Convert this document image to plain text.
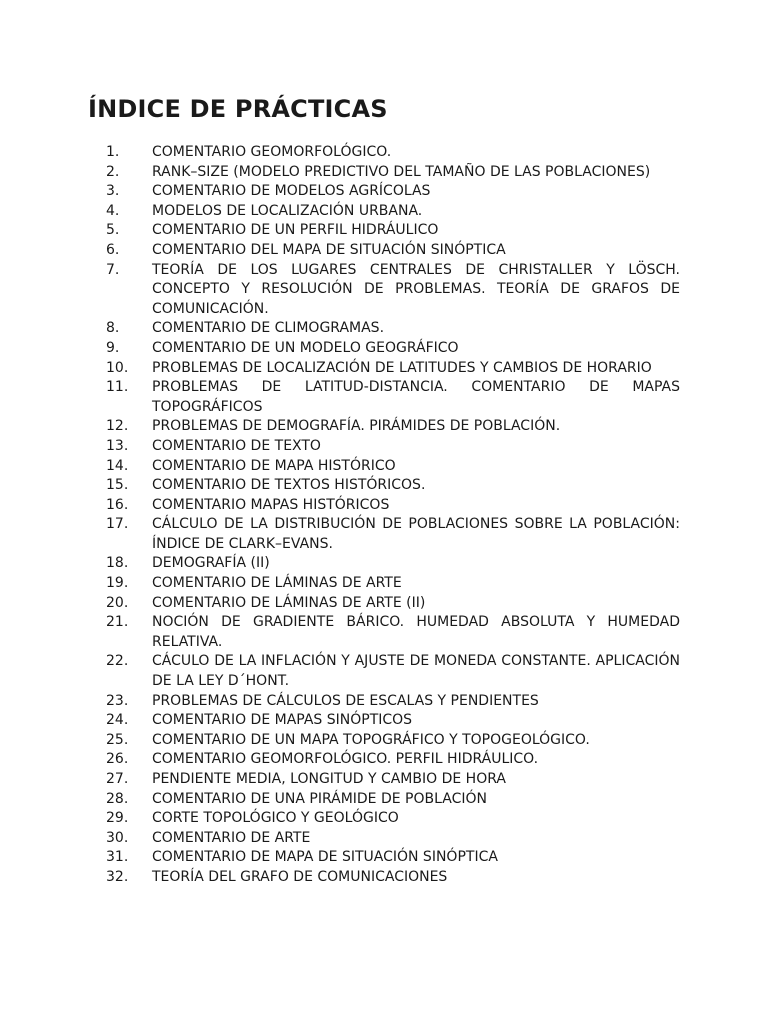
ÍNDICE DE PRÁCTICAS
1.	COMENTARIO GEOMORFOLÓGICO.
2.	RANK–SIZE (MODELO PREDICTIVO DEL TAMAÑO DE LAS POBLACIONES)
3.	COMENTARIO DE MODELOS AGRÍCOLAS
4.	MODELOS DE LOCALIZACIÓN URBANA.
5.	COMENTARIO DE UN PERFIL HIDRÁULICO
6.	COMENTARIO DEL MAPA DE SITUACIÓN SINÓPTICA
7.	TEORÍA DE LOS LUGARES CENTRALES DE CHRISTALLER Y LÖSCH. CONCEPTO Y RESOLUCIÓN DE PROBLEMAS. TEORÍA DE GRAFOS DE COMUNICACIÓN.
8.	COMENTARIO DE CLIMOGRAMAS.
9.	COMENTARIO DE UN MODELO GEOGRÁFICO
10.	PROBLEMAS DE LOCALIZACIÓN DE LATITUDES Y CAMBIOS DE HORARIO
11.	PROBLEMAS DE LATITUD-DISTANCIA. COMENTARIO DE MAPAS TOPOGRÁFICOS
12.	PROBLEMAS DE DEMOGRAFÍA. PIRÁMIDES DE POBLACIÓN.
13.	COMENTARIO DE TEXTO
14.	COMENTARIO DE MAPA HISTÓRICO
15.	COMENTARIO DE TEXTOS HISTÓRICOS.
16.	COMENTARIO MAPAS HISTÓRICOS
17.	CÁLCULO DE LA DISTRIBUCIÓN DE POBLACIONES SOBRE LA POBLACIÓN: ÍNDICE DE CLARK–EVANS.
18.	DEMOGRAFÍA (II)
19.	COMENTARIO DE LÁMINAS DE ARTE
20.	COMENTARIO DE LÁMINAS DE ARTE (II)
21.	NOCIÓN DE GRADIENTE BÁRICO. HUMEDAD ABSOLUTA Y HUMEDAD RELATIVA.
22.	CÁCULO DE LA INFLACIÓN Y AJUSTE DE MONEDA CONSTANTE. APLICACIÓN DE LA LEY D´HONT.
23.	PROBLEMAS DE CÁLCULOS DE ESCALAS Y PENDIENTES
24.	COMENTARIO DE MAPAS SINÓPTICOS
25.	COMENTARIO DE UN MAPA TOPOGRÁFICO Y TOPOGEOLÓGICO.
26.	COMENTARIO GEOMORFOLÓGICO. PERFIL HIDRÁULICO.
27.	PENDIENTE MEDIA, LONGITUD Y CAMBIO DE HORA
28.	COMENTARIO DE UNA PIRÁMIDE DE POBLACIÓN
29.	CORTE TOPOLÓGICO Y GEOLÓGICO
30.	COMENTARIO DE ARTE
31.	COMENTARIO DE MAPA DE SITUACIÓN SINÓPTICA
32.	TEORÍA DEL GRAFO DE COMUNICACIONES
